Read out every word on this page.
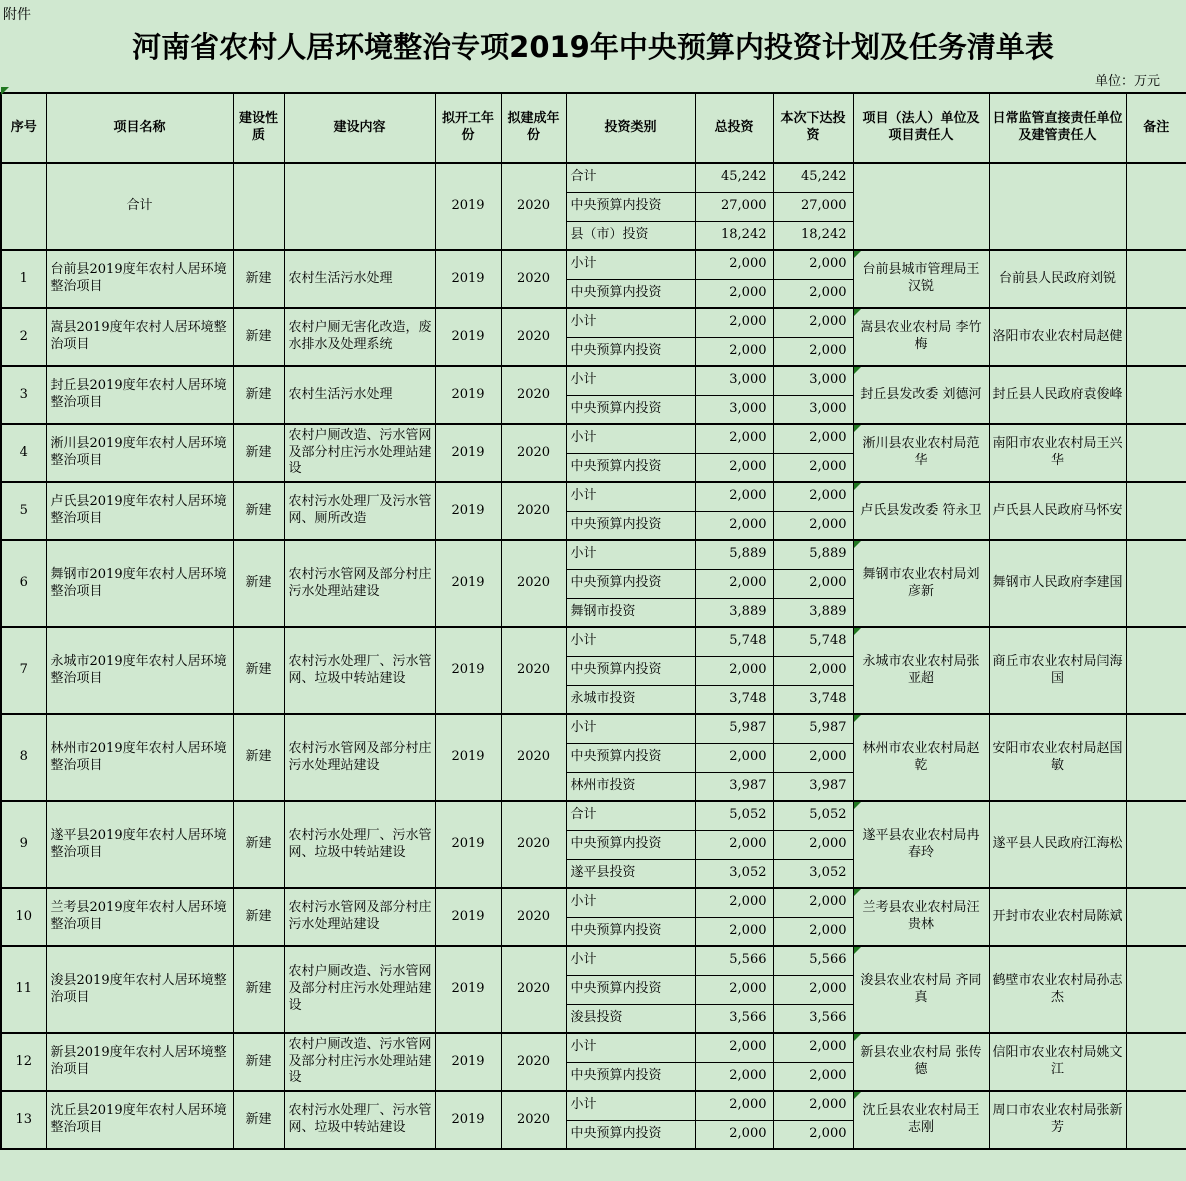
附件
河南省农村人居环境整治专项2019年中央预算内投资计划及任务清单表
单位：万元
序号	项目名称	建设性质	建设内容	拟开工年份	拟建成年份	投资类别	总投资	本次下达投资	项目（法人）单位及项目责任人	日常监管直接责任单位及建管责任人	备注
	合计			2019	2020	合计	45,242	45,242			
						中央预算内投资	27,000	27,000			
						县（市）投资	18,242	18,242			
1	台前县2019度年农村人居环境整治项目	新建	农村生活污水处理	2019	2020	小计	2,000	2,000	台前县城市管理局王汉锐	台前县人民政府刘锐	
						中央预算内投资	2,000	2,000			
2	嵩县2019度年农村人居环境整治项目	新建	农村户厕无害化改造，废水排水及处理系统	2019	2020	小计	2,000	2,000	嵩县农业农村局 李竹梅	洛阳市农业农村局赵健	
						中央预算内投资	2,000	2,000			
3	封丘县2019度年农村人居环境整治项目	新建	农村生活污水处理	2019	2020	小计	3,000	3,000	封丘县发改委 刘德河	封丘县人民政府袁俊峰	
						中央预算内投资	3,000	3,000			
4	淅川县2019度年农村人居环境整治项目	新建	农村户厕改造、污水管网及部分村庄污水处理站建设	2019	2020	小计	2,000	2,000	淅川县农业农村局范华	南阳市农业农村局王兴华	
						中央预算内投资	2,000	2,000			
5	卢氏县2019度年农村人居环境整治项目	新建	农村污水处理厂及污水管网、厕所改造	2019	2020	小计	2,000	2,000	卢氏县发改委 符永卫	卢氏县人民政府马怀安	
						中央预算内投资	2,000	2,000			
6	舞钢市2019度年农村人居环境整治项目	新建	农村污水管网及部分村庄污水处理站建设	2019	2020	小计	5,889	5,889	舞钢市农业农村局刘彦新	舞钢市人民政府李建国	
						中央预算内投资	2,000	2,000			
						舞钢市投资	3,889	3,889			
7	永城市2019度年农村人居环境整治项目	新建	农村污水处理厂、污水管网、垃圾中转站建设	2019	2020	小计	5,748	5,748	永城市农业农村局张亚超	商丘市农业农村局闫海国	
						中央预算内投资	2,000	2,000			
						永城市投资	3,748	3,748			
8	林州市2019度年农村人居环境整治项目	新建	农村污水管网及部分村庄污水处理站建设	2019	2020	小计	5,987	5,987	林州市农业农村局赵乾	安阳市农业农村局赵国敏	
						中央预算内投资	2,000	2,000			
						林州市投资	3,987	3,987			
9	遂平县2019度年农村人居环境整治项目	新建	农村污水处理厂、污水管网、垃圾中转站建设	2019	2020	合计	5,052	5,052	遂平县农业农村局冉春玲	遂平县人民政府江海松	
						中央预算内投资	2,000	2,000			
						遂平县投资	3,052	3,052			
10	兰考县2019度年农村人居环境整治项目	新建	农村污水管网及部分村庄污水处理站建设	2019	2020	小计	2,000	2,000	兰考县农业农村局汪贵林	开封市农业农村局陈斌	
						中央预算内投资	2,000	2,000			
11	浚县2019度年农村人居环境整治项目	新建	农村户厕改造、污水管网及部分村庄污水处理站建设	2019	2020	小计	5,566	5,566	浚县农业农村局 齐同真	鹤壁市农业农村局孙志杰	
						中央预算内投资	2,000	2,000			
						浚县投资	3,566	3,566			
12	新县2019度年农村人居环境整治项目	新建	农村户厕改造、污水管网及部分村庄污水处理站建设	2019	2020	小计	2,000	2,000	新县农业农村局 张传德	信阳市农业农村局姚文江	
						中央预算内投资	2,000	2,000			
13	沈丘县2019度年农村人居环境整治项目	新建	农村污水处理厂、污水管网、垃圾中转站建设	2019	2020	小计	2,000	2,000	沈丘县农业农村局王志刚	周口市农业农村局张新芳	
						中央预算内投资	2,000	2,000			
